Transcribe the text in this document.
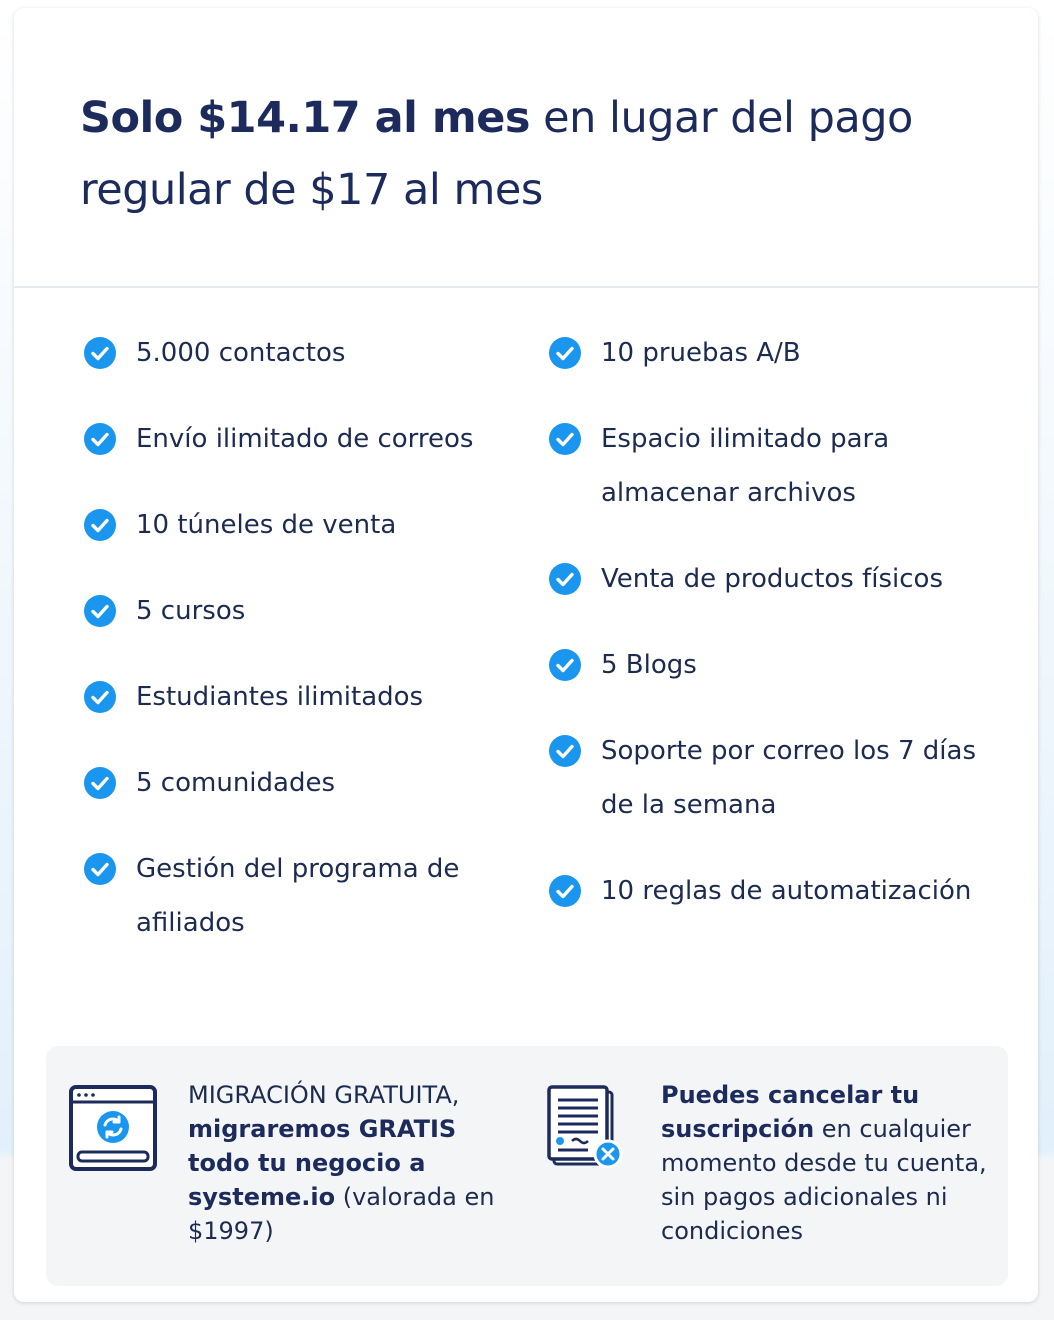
Solo $14.17 al mes en lugar del pago regular de $17 al mes
5.000 contactos
Envío ilimitado de correos
10 túneles de venta
5 cursos
Estudiantes ilimitados
5 comunidades
Gestión del programa de afiliados
10 pruebas A/B
Espacio ilimitado para almacenar archivos
Venta de productos físicos
5 Blogs
Soporte por correo los 7 días de la semana
10 reglas de automatización
MIGRACIÓN GRATUITA, migraremos GRATIS todo tu negocio a systeme.io (valorada en $1997)
Puedes cancelar tu suscripción en cualquier momento desde tu cuenta, sin pagos adicionales ni condiciones
